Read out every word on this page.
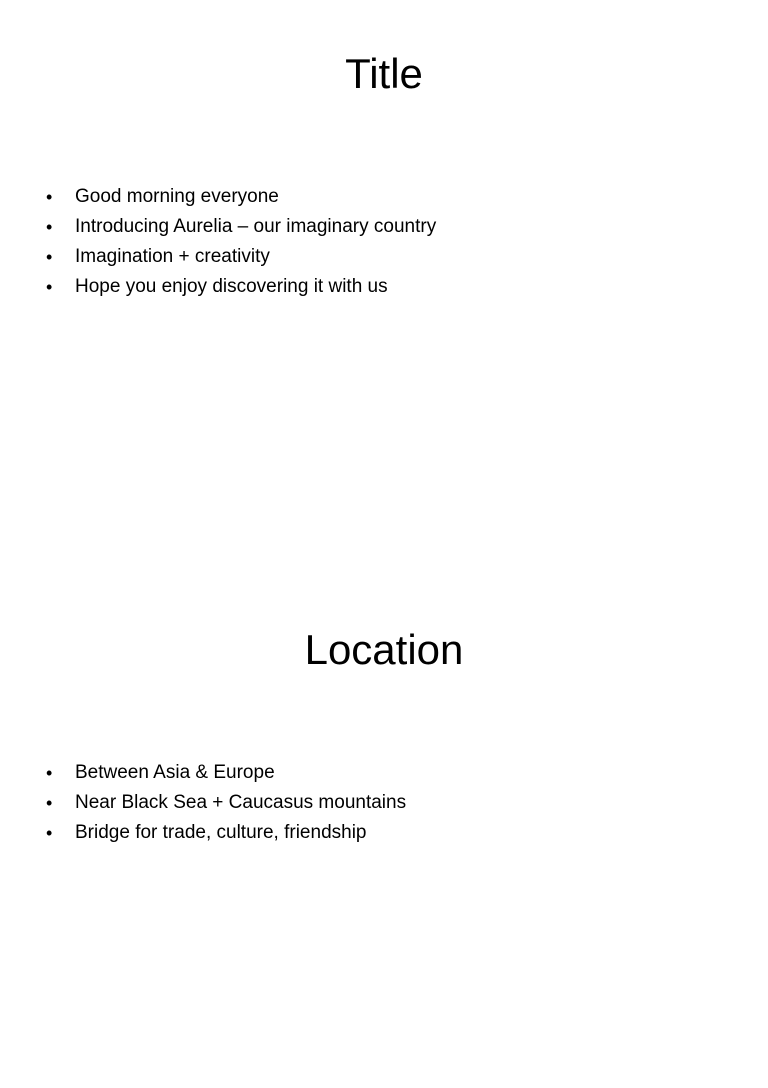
Title
• Good morning everyone
• Introducing Aurelia – our imaginary country
• Imagination + creativity
• Hope you enjoy discovering it with us
Location
• Between Asia & Europe
• Near Black Sea + Caucasus mountains
• Bridge for trade, culture, friendship
